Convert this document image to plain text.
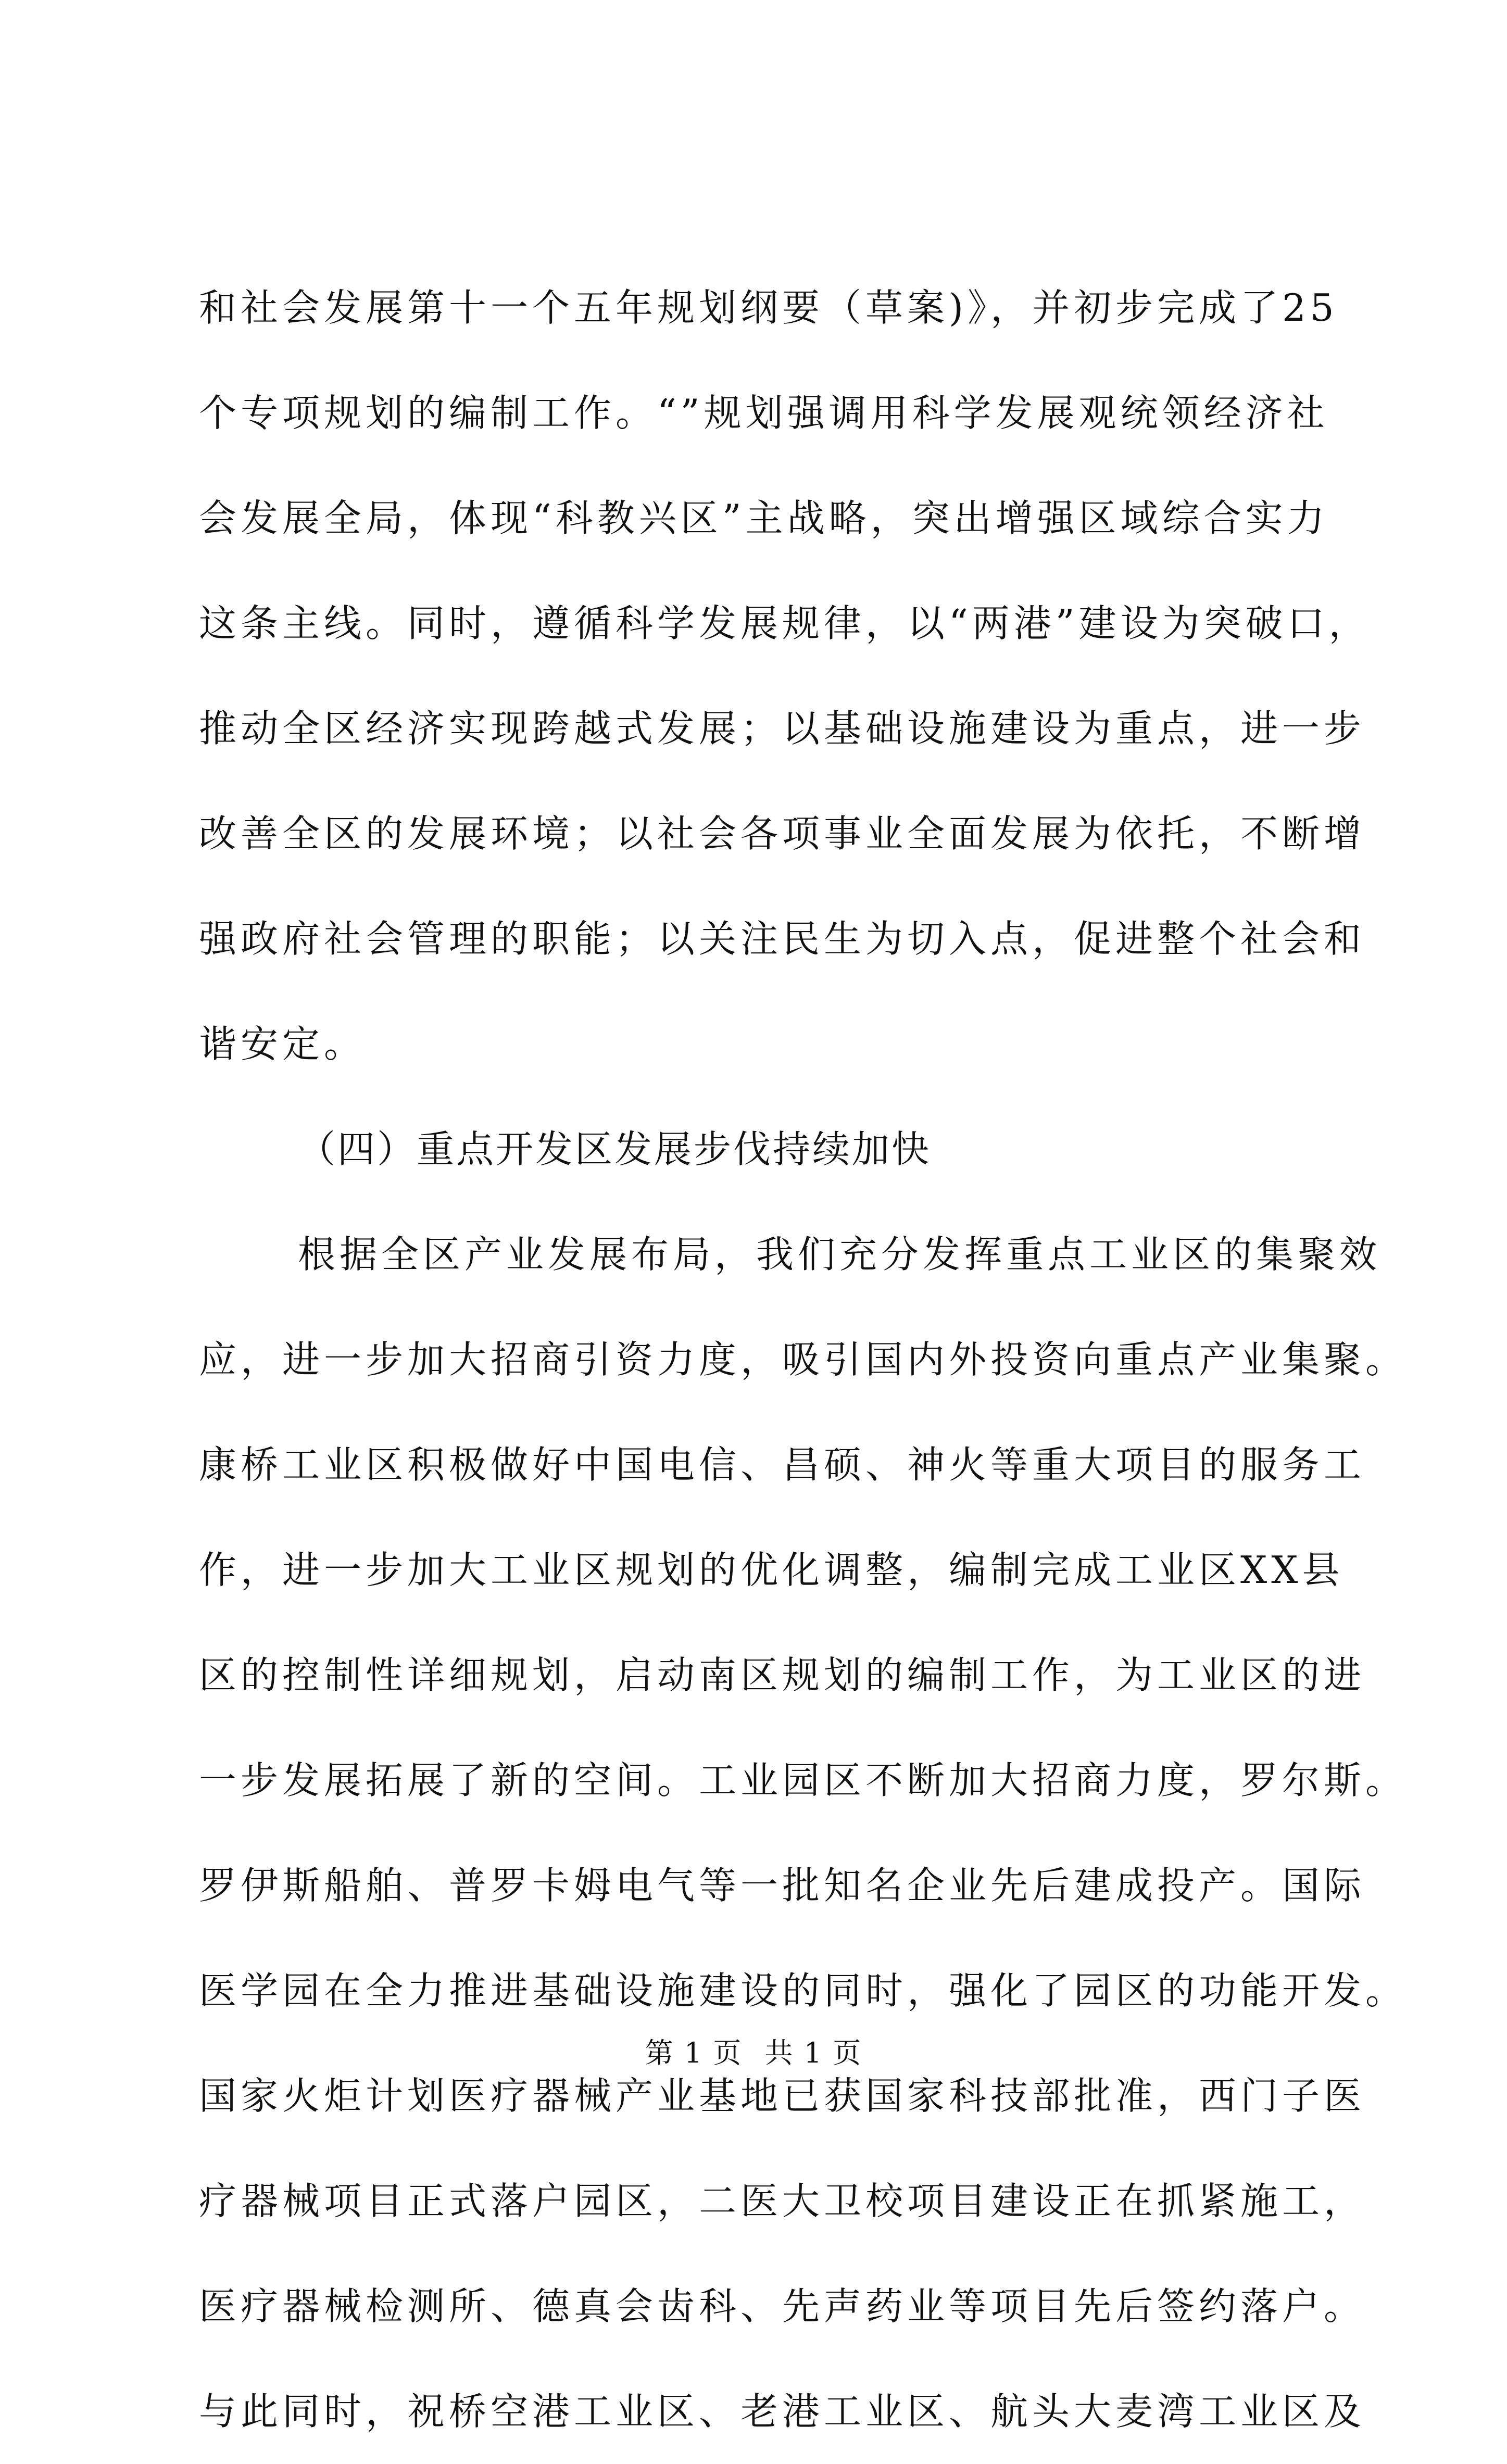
和社会发展第十一个五年规划纲要（草案)》，并初步完成了25
个专项规划的编制工作。“”规划强调用科学发展观统领经济社
会发展全局，体现“科教兴区”主战略，突出增强区域综合实力
这条主线。同时，遵循科学发展规律，以“两港”建设为突破口，
推动全区经济实现跨越式发展；以基础设施建设为重点，进一步
改善全区的发展环境；以社会各项事业全面发展为依托，不断增
强政府社会管理的职能；以关注民生为切入点，促进整个社会和
谐安定。
（四）重点开发区发展步伐持续加快
根据全区产业发展布局，我们充分发挥重点工业区的集聚效
应，进一步加大招商引资力度，吸引国内外投资向重点产业集聚。
康桥工业区积极做好中国电信、昌硕、神火等重大项目的服务工
作，进一步加大工业区规划的优化调整，编制完成工业区XX县
区的控制性详细规划，启动南区规划的编制工作，为工业区的进
一步发展拓展了新的空间。工业园区不断加大招商力度，罗尔斯。
罗伊斯船舶、普罗卡姆电气等一批知名企业先后建成投产。国际
医学园在全力推进基础设施建设的同时，强化了园区的功能开发。
国家火炬计划医疗器械产业基地已获国家科技部批准，西门子医
疗器械项目正式落户园区，二医大卫校项目建设正在抓紧施工，
医疗器械检测所、德真会齿科、先声药业等项目先后签约落户。
与此同时，祝桥空港工业区、老港工业区、航头大麦湾工业区及
第 1 页 共 1 页
